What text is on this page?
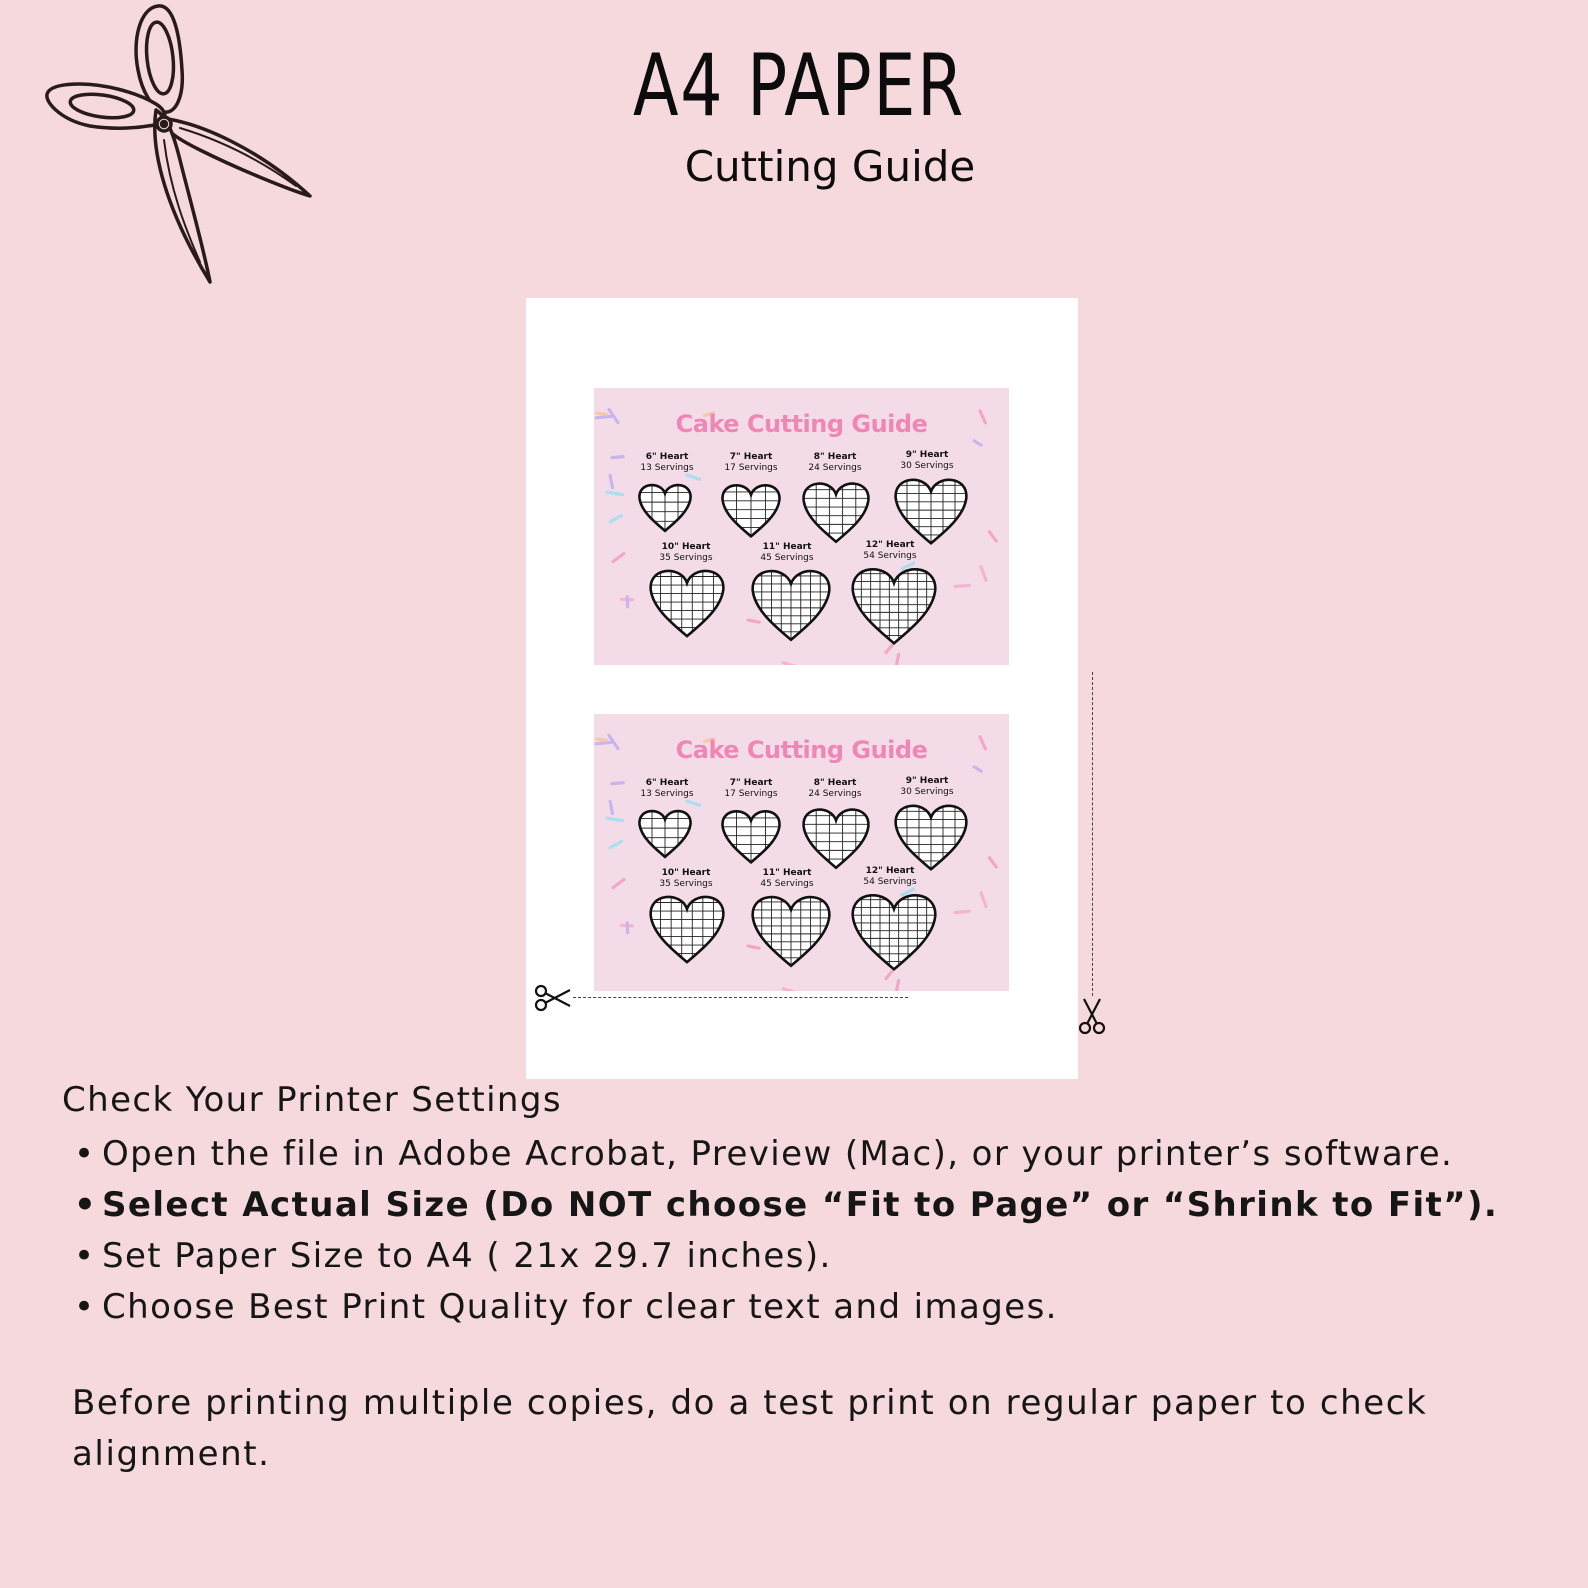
A4 PAPER
Cutting Guide
Cake Cutting Guide
6" Heart
13 Servings
7" Heart
17 Servings
8" Heart
24 Servings
9" Heart
30 Servings
10" Heart
35 Servings
11" Heart
45 Servings
12" Heart
54 Servings
Cake Cutting Guide
6" Heart
13 Servings
7" Heart
17 Servings
8" Heart
24 Servings
9" Heart
30 Servings
10" Heart
35 Servings
11" Heart
45 Servings
12" Heart
54 Servings
Check Your Printer Settings
• Open the file in Adobe Acrobat, Preview (Mac), or your printer’s software.
• Select Actual Size (Do NOT choose “Fit to Page” or “Shrink to Fit”).
• Set Paper Size to A4 ( 21x 29.7 inches).
• Choose Best Print Quality for clear text and images.
Before printing multiple copies, do a test print on regular paper to check alignment.
